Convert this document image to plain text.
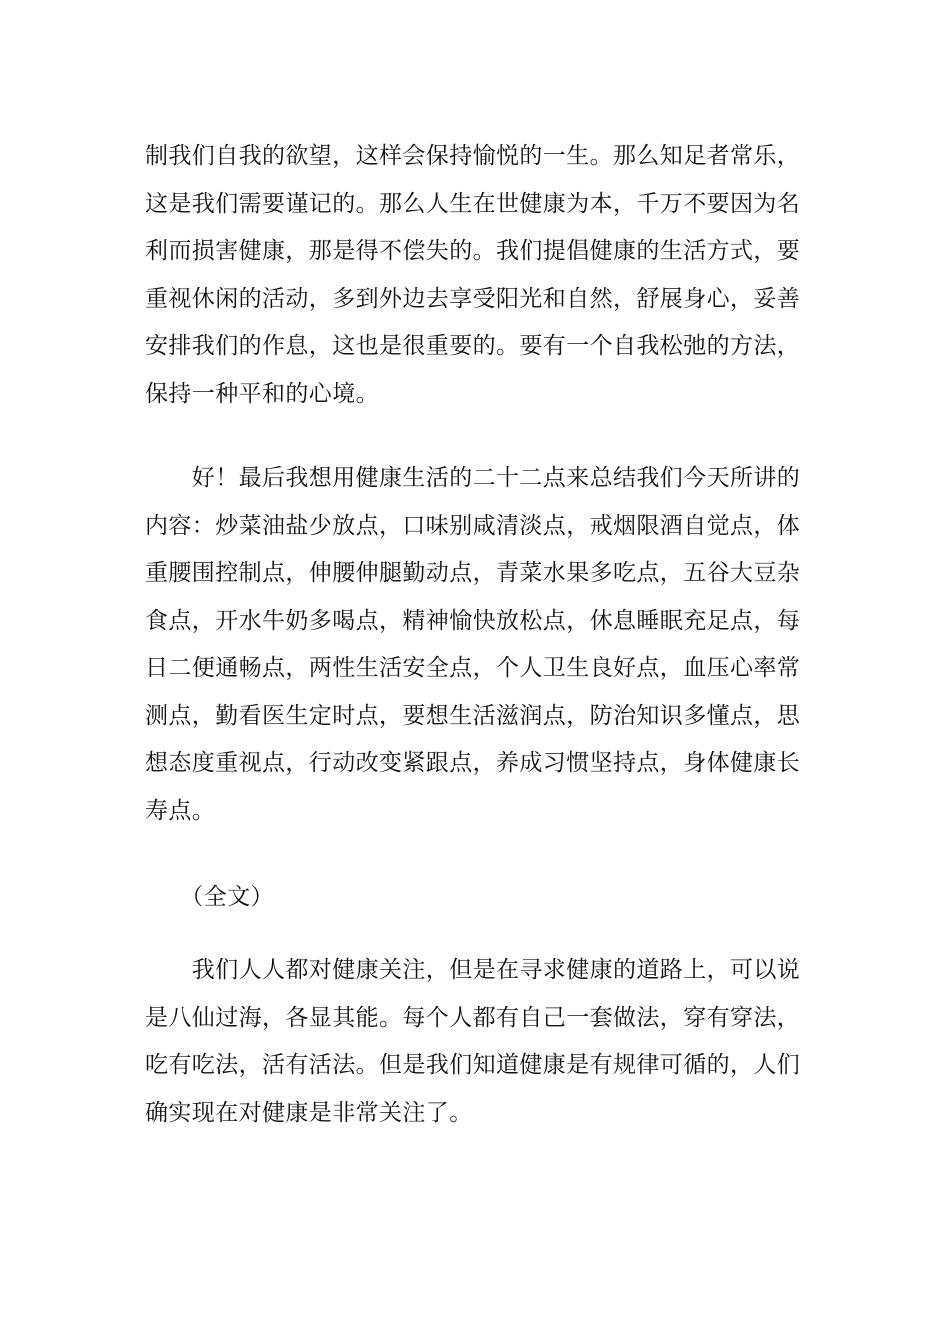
制我们自我的欲望，这样会保持愉悦的一生。那么知足者常乐，
这是我们需要谨记的。那么人生在世健康为本，千万不要因为名
利而损害健康，那是得不偿失的。我们提倡健康的生活方式，要
重视休闲的活动，多到外边去享受阳光和自然，舒展身心，妥善
安排我们的作息，这也是很重要的。要有一个自我松弛的方法，
保持一种平和的心境。

　　好！最后我想用健康生活的二十二点来总结我们今天所讲的
内容：炒菜油盐少放点，口味别咸清淡点，戒烟限酒自觉点，体
重腰围控制点，伸腰伸腿勤动点，青菜水果多吃点，五谷大豆杂
食点，开水牛奶多喝点，精神愉快放松点，休息睡眠充足点，每
日二便通畅点，两性生活安全点，个人卫生良好点，血压心率常
测点，勤看医生定时点，要想生活滋润点，防治知识多懂点，思
想态度重视点，行动改变紧跟点，养成习惯坚持点，身体健康长
寿点。

　　（全文）

　　我们人人都对健康关注，但是在寻求健康的道路上，可以说
是八仙过海，各显其能。每个人都有自己一套做法，穿有穿法，
吃有吃法，活有活法。但是我们知道健康是有规律可循的，人们
确实现在对健康是非常关注了。
